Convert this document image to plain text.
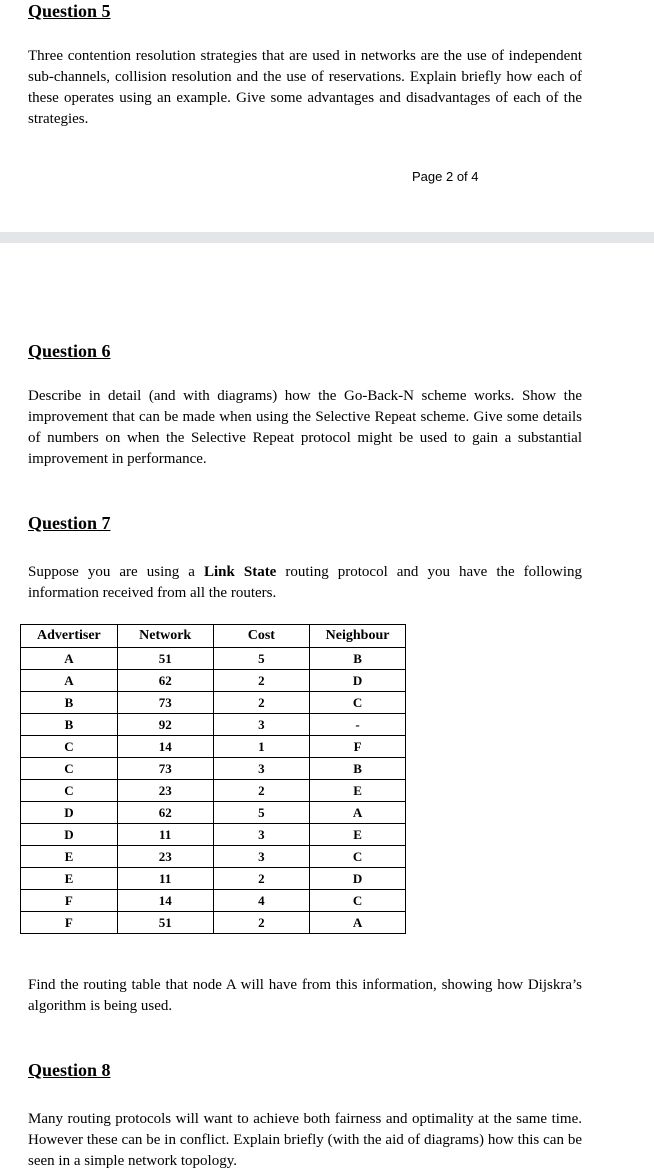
Question 5

Three contention resolution strategies that are used in networks are the use of independent sub-channels, collision resolution and the use of reservations. Explain briefly how each of these operates using an example. Give some advantages and disadvantages of each of the strategies.

Page 2 of 4
Question 6

Describe in detail (and with diagrams) how the Go-Back-N scheme works. Show the improvement that can be made when using the Selective Repeat scheme. Give some details of numbers on when the Selective Repeat protocol might be used to gain a substantial improvement in performance.

Question 7

Suppose you are using a Link State routing protocol and you have the following information received from all the routers.

Advertiser	Network	Cost	Neighbour
A	51	5	B
A	62	2	D
B	73	2	C
B	92	3	-
C	14	1	F
C	73	3	B
C	23	2	E
D	62	5	A
D	11	3	E
E	23	3	C
E	11	2	D
F	14	4	C
F	51	2	A

Find the routing table that node A will have from this information, showing how Dijskra’s algorithm is being used.

Question 8

Many routing protocols will want to achieve both fairness and optimality at the same time. However these can be in conflict. Explain briefly (with the aid of diagrams) how this can be seen in a simple network topology.
